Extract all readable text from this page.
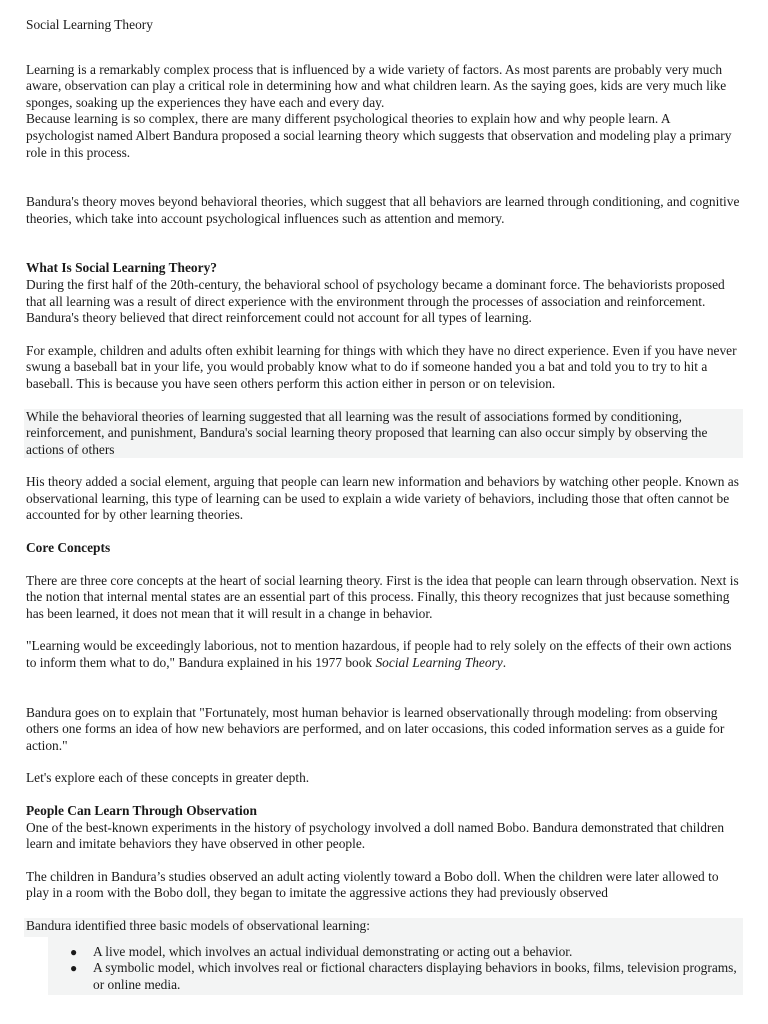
Social Learning Theory

Learning is a remarkably complex process that is influenced by a wide variety of factors. As most parents are probably very much aware, observation can play a critical role in determining how and what children learn. As the saying goes, kids are very much like sponges, soaking up the experiences they have each and every day.

Because learning is so complex, there are many different psychological theories to explain how and why people learn. A psychologist named Albert Bandura proposed a social learning theory which suggests that observation and modeling play a primary role in this process.

Bandura's theory moves beyond behavioral theories, which suggest that all behaviors are learned through conditioning, and cognitive theories, which take into account psychological influences such as attention and memory.

What Is Social Learning Theory?

During the first half of the 20th-century, the behavioral school of psychology became a dominant force. The behaviorists proposed that all learning was a result of direct experience with the environment through the processes of association and reinforcement. Bandura's theory believed that direct reinforcement could not account for all types of learning.

For example, children and adults often exhibit learning for things with which they have no direct experience. Even if you have never swung a baseball bat in your life, you would probably know what to do if someone handed you a bat and told you to try to hit a baseball. This is because you have seen others perform this action either in person or on television.

While the behavioral theories of learning suggested that all learning was the result of associations formed by conditioning, reinforcement, and punishment, Bandura's social learning theory proposed that learning can also occur simply by observing the actions of others

His theory added a social element, arguing that people can learn new information and behaviors by watching other people. Known as observational learning, this type of learning can be used to explain a wide variety of behaviors, including those that often cannot be accounted for by other learning theories.

Core Concepts

There are three core concepts at the heart of social learning theory. First is the idea that people can learn through observation. Next is the notion that internal mental states are an essential part of this process. Finally, this theory recognizes that just because something has been learned, it does not mean that it will result in a change in behavior.

"Learning would be exceedingly laborious, not to mention hazardous, if people had to rely solely on the effects of their own actions to inform them what to do," Bandura explained in his 1977 book Social Learning Theory.

Bandura goes on to explain that "Fortunately, most human behavior is learned observationally through modeling: from observing others one forms an idea of how new behaviors are performed, and on later occasions, this coded information serves as a guide for action."

Let's explore each of these concepts in greater depth.

People Can Learn Through Observation

One of the best-known experiments in the history of psychology involved a doll named Bobo. Bandura demonstrated that children learn and imitate behaviors they have observed in other people.

The children in Bandura’s studies observed an adult acting violently toward a Bobo doll. When the children were later allowed to play in a room with the Bobo doll, they began to imitate the aggressive actions they had previously observed

Bandura identified three basic models of observational learning:

● A live model, which involves an actual individual demonstrating or acting out a behavior.
● A symbolic model, which involves real or fictional characters displaying behaviors in books, films, television programs, or online media.
